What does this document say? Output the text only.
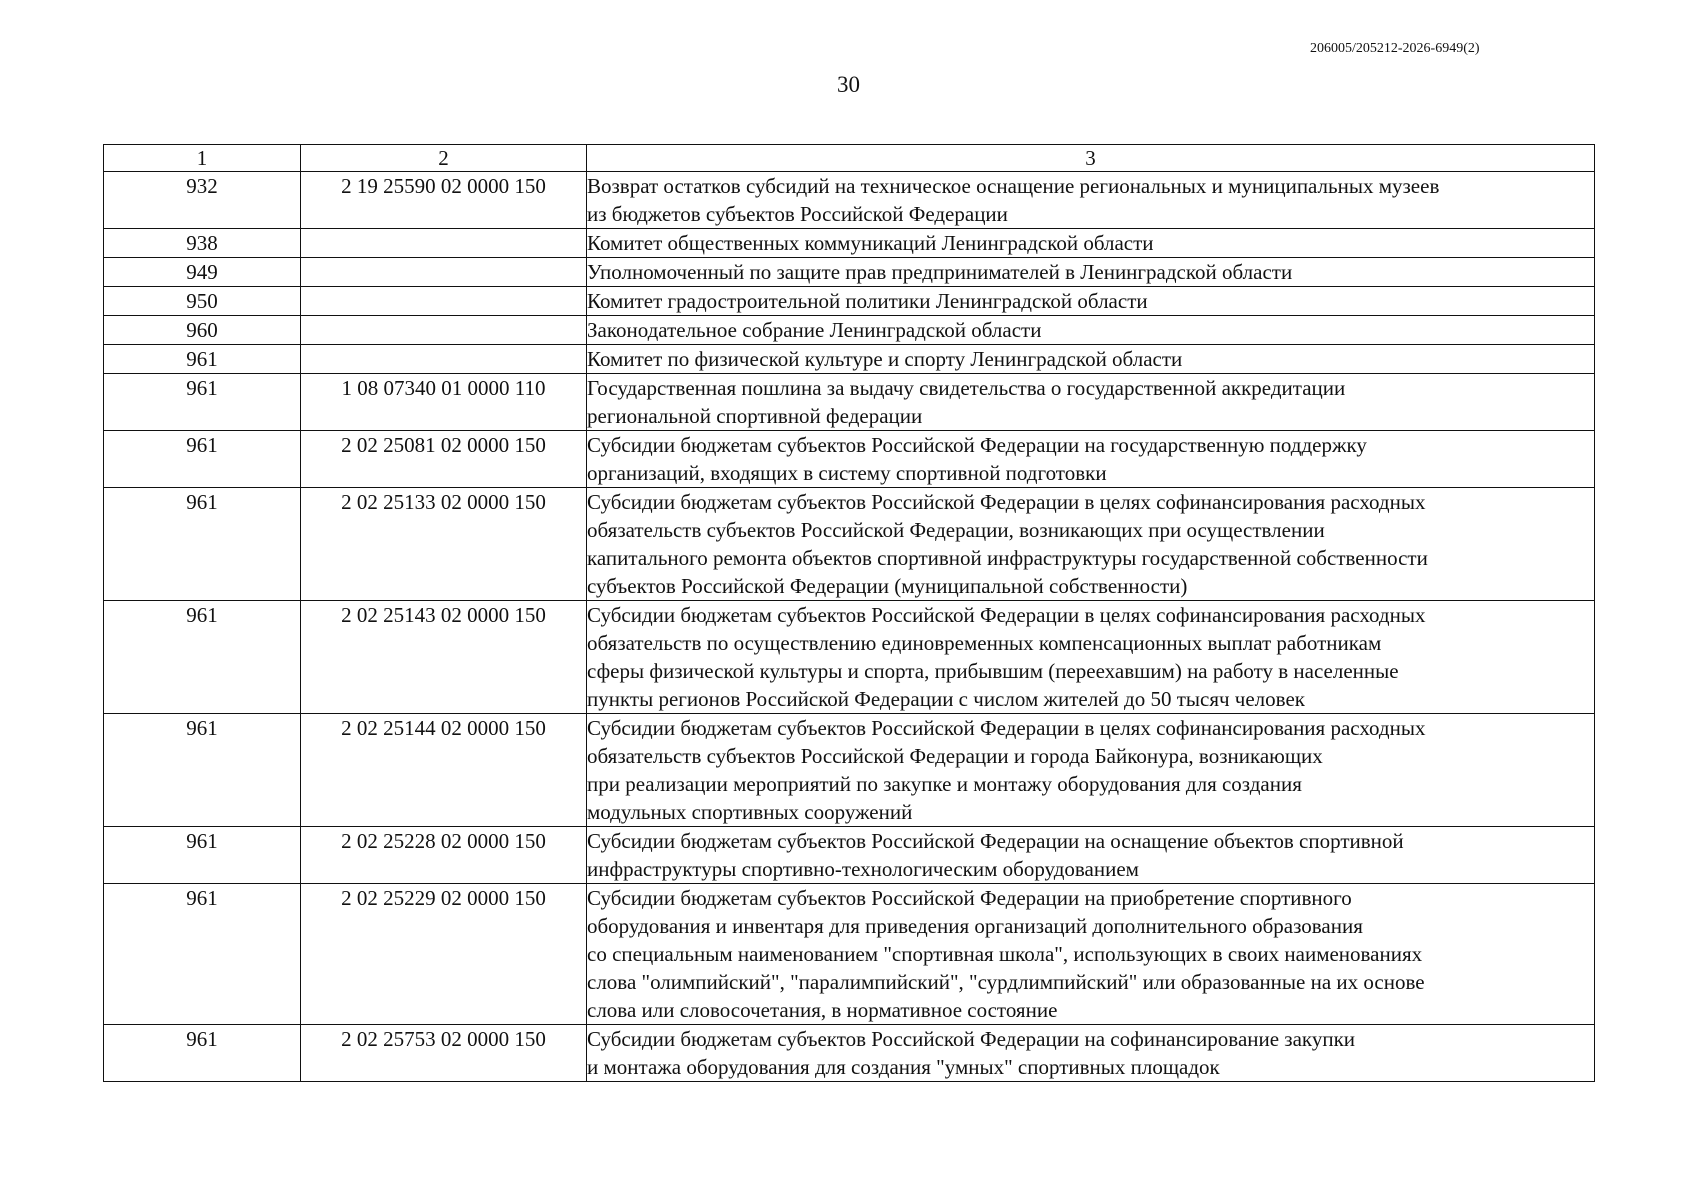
206005/205212-2026-6949(2)
30
1	2	3
932	2 19 25590 02 0000 150	Возврат остатков субсидий на техническое оснащение региональных и муниципальных музеев
из бюджетов субъектов Российской Федерации

938		Комитет общественных коммуникаций Ленинградской области

949		Уполномоченный по защите прав предпринимателей в Ленинградской области

950		Комитет градостроительной политики Ленинградской области

960		Законодательное собрание Ленинградской области

961		Комитет по физической культуре и спорту Ленинградской области

961	1 08 07340 01 0000 110	Государственная пошлина за выдачу свидетельства о государственной аккредитации
региональной спортивной федерации

961	2 02 25081 02 0000 150	Субсидии бюджетам субъектов Российской Федерации на государственную поддержку
организаций, входящих в систему спортивной подготовки

961	2 02 25133 02 0000 150	Субсидии бюджетам субъектов Российской Федерации в целях софинансирования расходных
обязательств субъектов Российской Федерации, возникающих при осуществлении
капитального ремонта объектов спортивной инфраструктуры государственной собственности
субъектов Российской Федерации (муниципальной собственности)

961	2 02 25143 02 0000 150	Субсидии бюджетам субъектов Российской Федерации в целях софинансирования расходных
обязательств по осуществлению единовременных компенсационных выплат работникам
сферы физической культуры и спорта, прибывшим (переехавшим) на работу в населенные
пункты регионов Российской Федерации с числом жителей до 50 тысяч человек

961	2 02 25144 02 0000 150	Субсидии бюджетам субъектов Российской Федерации в целях софинансирования расходных
обязательств субъектов Российской Федерации и города Байконура, возникающих
при реализации мероприятий по закупке и монтажу оборудования для создания
модульных спортивных сооружений

961	2 02 25228 02 0000 150	Субсидии бюджетам субъектов Российской Федерации на оснащение объектов спортивной
инфраструктуры спортивно-технологическим оборудованием

961	2 02 25229 02 0000 150	Субсидии бюджетам субъектов Российской Федерации на приобретение спортивного
оборудования и инвентаря для приведения организаций дополнительного образования
со специальным наименованием "спортивная школа", использующих в своих наименованиях
слова "олимпийский", "паралимпийский", "сурдлимпийский" или образованные на их основе
слова или словосочетания, в нормативное состояние

961	2 02 25753 02 0000 150	Субсидии бюджетам субъектов Российской Федерации на софинансирование закупки
и монтажа оборудования для создания "умных" спортивных площадок
